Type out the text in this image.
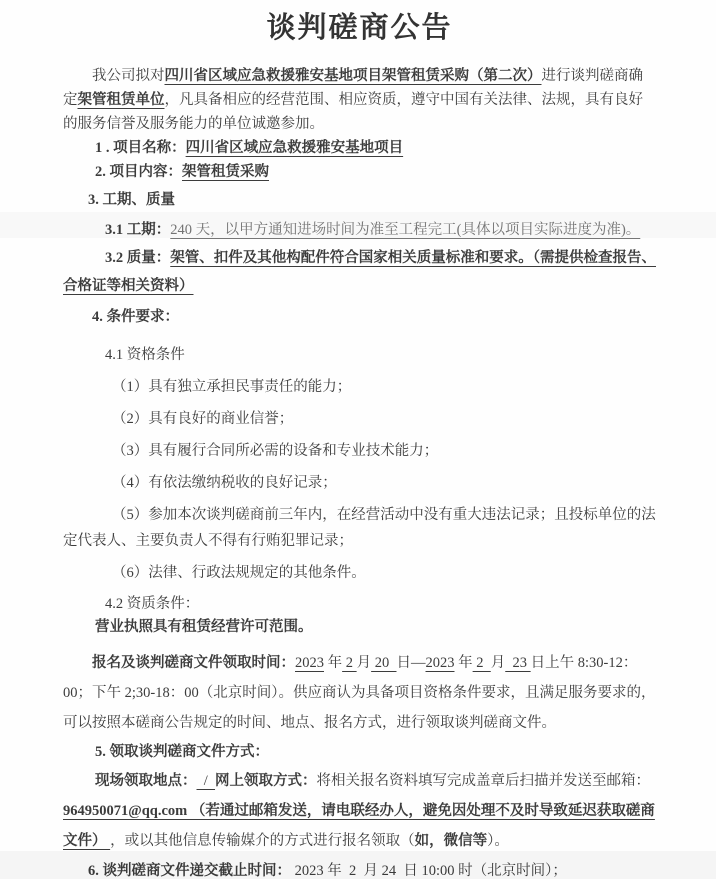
谈判磋商公告

我公司拟对四川省区域应急救援雅安基地项目架管租赁采购（第二次）进行谈判磋商确定架管租赁单位，凡具备相应的经营范围、相应资质，遵守中国有关法律、法规，具有良好的服务信誉及服务能力的单位诚邀参加。

1 . 项目名称：四川省区域应急救援雅安基地项目

2. 项目内容：架管租赁采购

3. 工期、质量

3.1 工期：240 天，以甲方通知进场时间为准至工程完工(具体以项目实际进度为准)。

3.2 质量：架管、扣件及其他构配件符合国家相关质量标准和要求。（需提供检查报告、合格证等相关资料）

4. 条件要求：

4.1 资格条件

（1）具有独立承担民事责任的能力；

（2）具有良好的商业信誉；

（3）具有履行合同所必需的设备和专业技术能力；

（4）有依法缴纳税收的良好记录；

（5）参加本次谈判磋商前三年内，在经营活动中没有重大违法记录；且投标单位的法定代表人、主要负责人不得有行贿犯罪记录；

（6）法律、行政法规规定的其他条件。

4.2 资质条件：

营业执照具有租赁经营许可范围。

报名及谈判磋商文件领取时间：2023 年 2 月 20  日—2023 年 2  月  23 日上午 8:30-12：00；下午 2;30-18：00（北京时间）。供应商认为具备项目资格条件要求，且满足服务要求的，可以按照本磋商公告规定的时间、地点、报名方式，进行领取谈判磋商文件。

5. 领取谈判磋商文件方式：

现场领取地点：  /  网上领取方式：将相关报名资料填写完成盖章后扫描并发送至邮箱：964950071@qq.com （若通过邮箱发送，请电联经办人，避免因处理不及时导致延迟获取磋商文件） ，或以其他信息传输媒介的方式进行报名领取（如，微信等）。

6. 谈判磋商文件递交截止时间： 2023 年  2  月 24  日 10:00 时（北京时间）；
